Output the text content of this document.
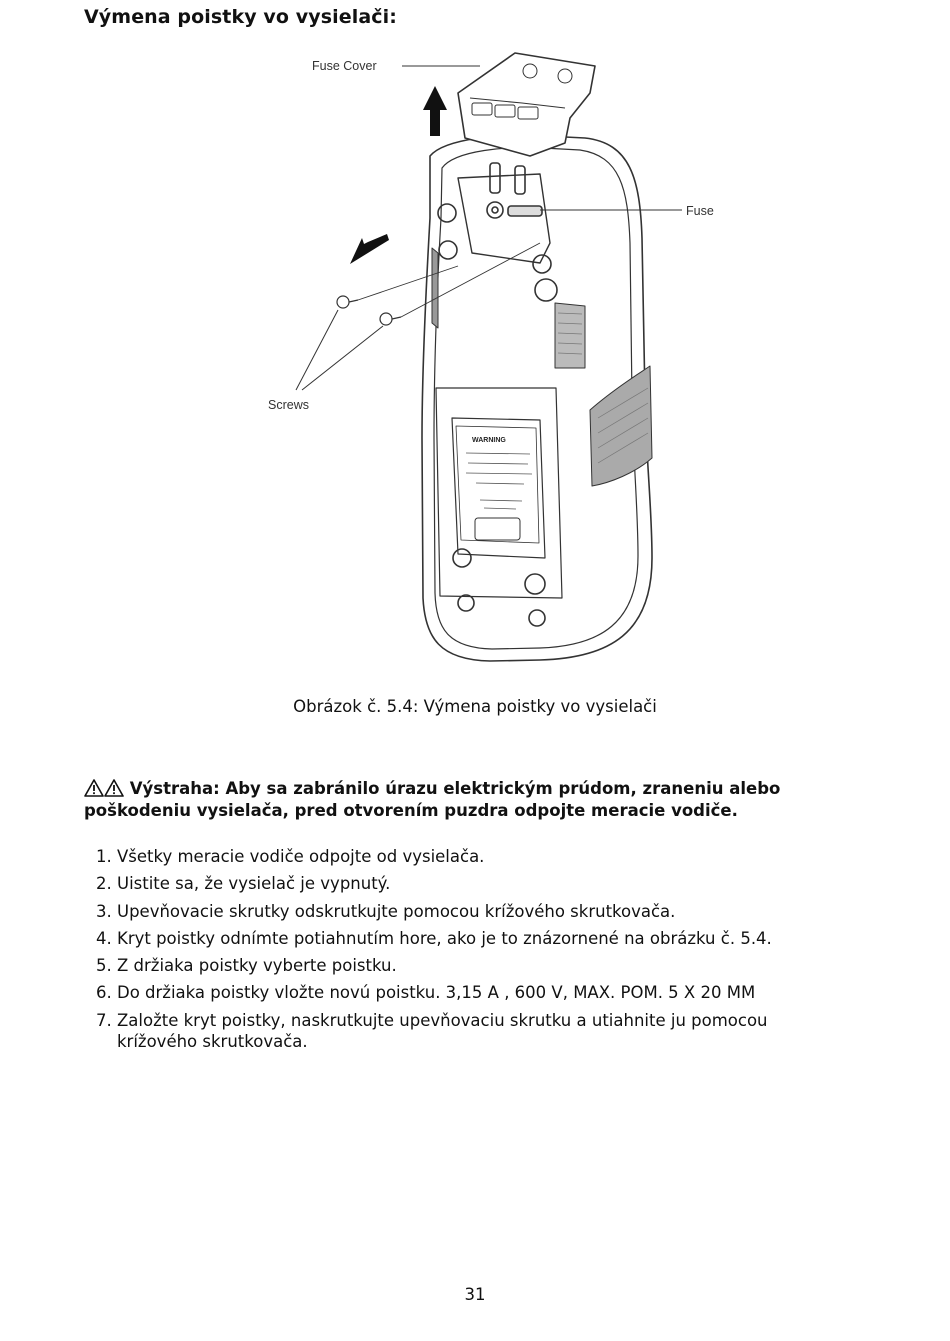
Výmena poistky vo vysielači:
WARNING
Fuse Cover
Fuse
Screws
Obrázok č. 5.4: Výmena poistky vo vysielači
Výstraha: Aby sa zabránilo úrazu elektrickým prúdom, zraneniu alebo poškodeniu vysielača, pred otvorením puzdra odpojte meracie vodiče.
1. Všetky meracie vodiče odpojte od vysielača.
2. Uistite sa, že vysielač je vypnutý.
3. Upevňovacie skrutky odskrutkujte pomocou krížového skrutkovača.
4. Kryt poistky odnímte potiahnutím hore, ako je to znázornené na obrázku č. 5.4.
5. Z držiaka poistky vyberte poistku.
6. Do držiaka poistky vložte novú poistku. 3,15 A , 600 V, MAX. POM. 5 X 20 MM
7. Založte kryt poistky, naskrutkujte upevňovaciu skrutku a utiahnite ju pomocou krížového skrutkovača.
31
